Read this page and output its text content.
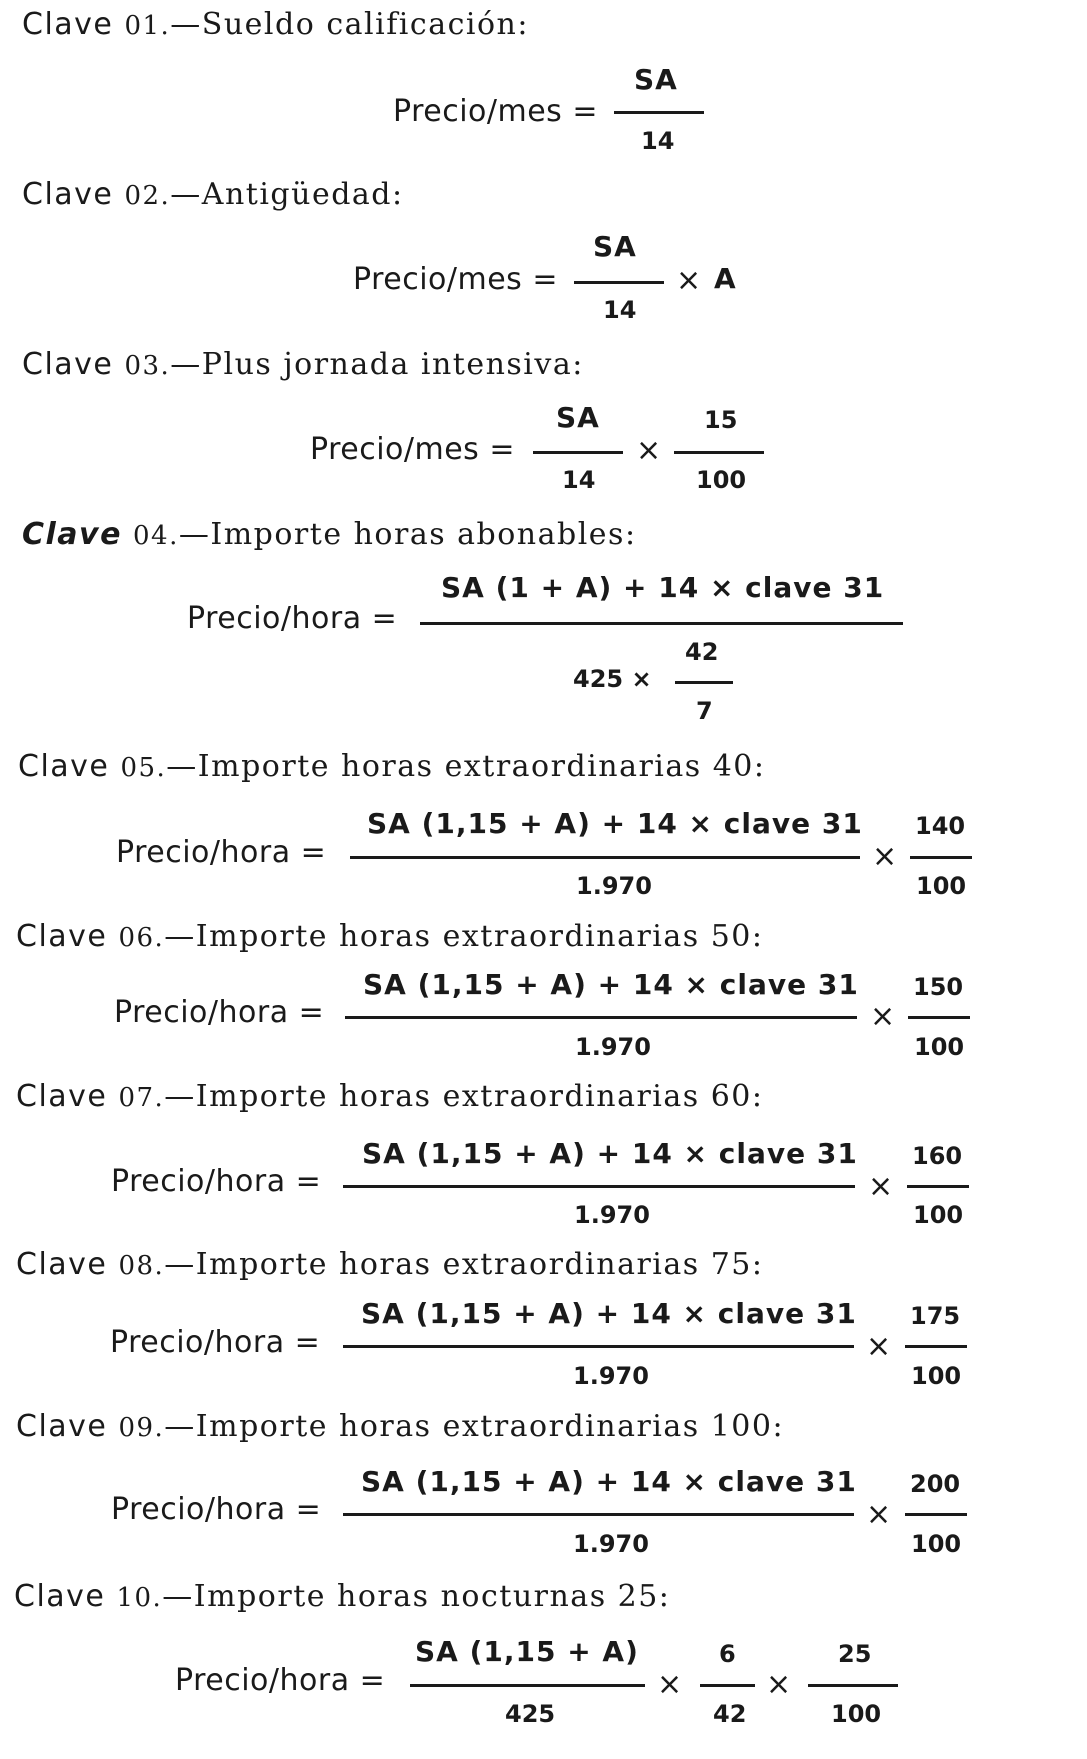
Clave 01.—Sueldo calificación:
Precio/mes =
SA
14
Clave 02.—Antigüedad:
Precio/mes =
SA
14
× A
Clave 03.—Plus jornada intensiva:
Precio/mes =
SA
14
×
15
100
Clave 04.—Importe horas abonables:
Precio/hora =
SA (1 + A) + 14 × clave 31
425 ×
42
7
Clave 05.—Importe horas extraordinarias 40:
Precio/hora =
SA (1,15 + A) + 14 × clave 31
1.970
×
140
100
Clave 06.—Importe horas extraordinarias 50:
Precio/hora =
SA (1,15 + A) + 14 × clave 31
1.970
×
150
100
Clave 07.—Importe horas extraordinarias 60:
Precio/hora =
SA (1,15 + A) + 14 × clave 31
1.970
×
160
100
Clave 08.—Importe horas extraordinarias 75:
Precio/hora =
SA (1,15 + A) + 14 × clave 31
1.970
×
175
100
Clave 09.—Importe horas extraordinarias 100:
Precio/hora =
SA (1,15 + A) + 14 × clave 31
1.970
×
200
100
Clave 10.—Importe horas nocturnas 25:
Precio/hora =
SA (1,15 + A)
425
×
6
42
×
25
100
